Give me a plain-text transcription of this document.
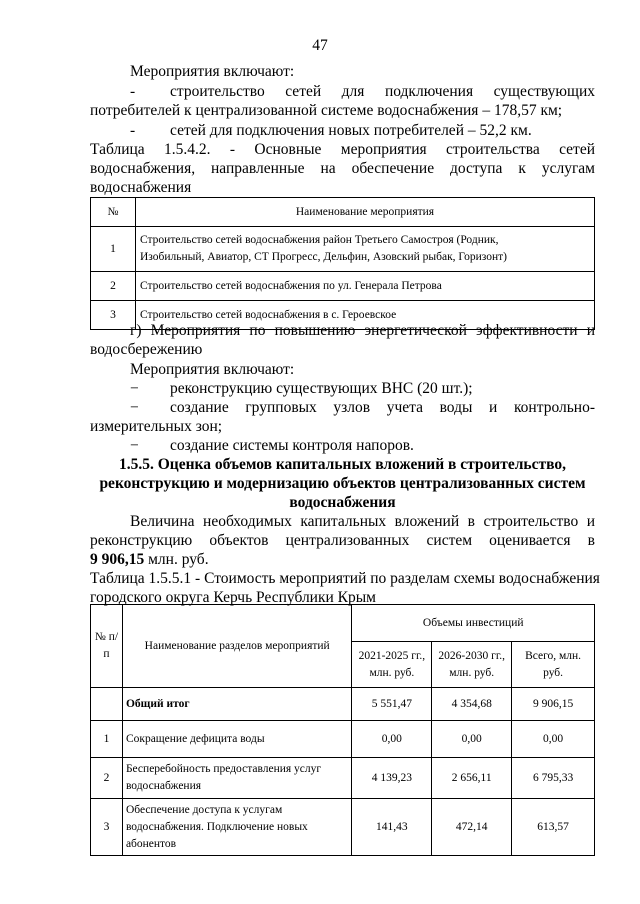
47
Мероприятия включают:
- строительство сетей для подключения существующих
потребителей к централизованной системе водоснабжения – 178,57 км;
- сетей для подключения новых потребителей – 52,2 км.
Таблица 1.5.4.2. - Основные мероприятия строительства сетей
водоснабжения, направленные на обеспечение доступа к услугам
водоснабжения
№	Наименование мероприятия
1	Строительство сетей водоснабжения район Третьего Самостроя (Родник,
Изобильный, Авиатор, СТ Прогресс, Дельфин, Азовский рыбак, Горизонт)

2	Строительство сетей водоснабжения по ул. Генерала Петрова
3	Строительство сетей водоснабжения в с. Героевское
г) Мероприятия по повышению энергетической эффективности и
водосбережению
Мероприятия включают:
− реконструкцию существующих ВНС (20 шт.);
− создание групповых узлов учета воды и контрольно-
измерительных зон;
− создание системы контроля напоров.
1.5.5. Оценка объемов капитальных вложений в строительство,
реконструкцию и модернизацию объектов централизованных систем
водоснабжения
Величина необходимых капитальных вложений в строительство и
реконструкцию объектов централизованных систем оценивается в
9 906,15 млн. руб.
Таблица 1.5.5.1 - Стоимость мероприятий по разделам схемы водоснабжения
городского округа Керчь Республики Крым
№ п/п	Наименование разделов мероприятий	Объемы инвестиций		
		2021-2025 гг., млн. руб.	2026-2030 гг., млн. руб.	Всего, млн. руб.
	Общий итог	5 551,47	4 354,68	9 906,15
1	Сокращение дефицита воды	0,00	0,00	0,00
2	Бесперебойность предоставления услуг водоснабжения	4 139,23	2 656,11	6 795,33
3	Обеспечение доступа к услугам водоснабжения. Подключение новых абонентов	141,43	472,14	613,57
